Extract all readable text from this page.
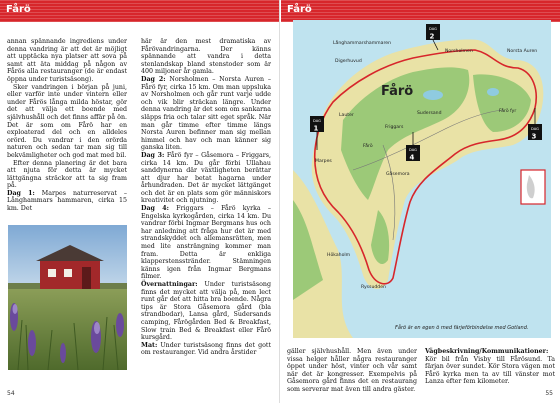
Fårö

annan spännande ingrediens under denna vandring är att det är möjligt att upptäcka nya platser att sova på samt att äta middag på någon av Fårös alla restauranger (de är endast öppna under turistsäsong).

Sker vandringen i början på juni, eller varför inte under vintern eller under Fårös långa milda höstar, gör det att välja ett boende med självhushåll och det finns affär på ön. Det är som om Fårö har en exploaterad del och en alldeles orörd. Du vandrar i den orörda naturen och sedan tar man sig till bekvämligheter och god mat med bil.

Efter denna planering är det bara att njuta för detta är mycket lättgängna sträckor att ta sig fram på.

Dag 1: Marpes naturreservat – Långhammars hammaren, cirka 15 km. Det

här är den mest dramatiska av Fårövandringarna. Der känns spännande att vandra i detta stenlandskap bland stenstoder som är 400 miljoner år gamla.

Dag 2: Norsholmen – Norsta Auren – Fårö fyr, cirka 15 km. Om man uppsluka av Norsholmen och går runt varje udde och vik blir sträckan längre. Under denna vandring är det som om sankarna släpps fria och talar sitt eget språk. När man går timme efter timme längs Norsta Auren befinner man sig mellan himmel och hav och man känner sig ganska liten.

Dag 3: Fårö fyr – Gåsemora – Friggars, cirka 14 km. Du går förbi Ullahau sanddynerna där växtligheten berättar att djur har betat hagarna under århundraden. Det är mycket lättgänget och det är en plats som gör människors kreativitet och njutning.

Dag 4: Friggars – Fårö kyrka – Engelska kyrkogården, cirka 14 km. Du vandrar förbi Ingmar Bergmans hus och har anledning att fråga hur det är med strandskyddet och allemansrätten, men med lite ansträngning kommer man fram. Detta är enkliga klapperstensstränder. Stämningen känns igen från Ingmar Bergmans filmer.

Övernattningar: Under turistsäsong finns det mycket att välja på, men lect runt går det att hitta bra boende. Några tips är Stora Gåsemora gård (bla strandbodar), Lansa gård, Sudersands camping, Fårögården Bed & Breakfast, Slow train Bed & Breakfast eller Fårö kursgård.

Mat: Under turistsäsong finns det gott om restauranger. Vid andra årstider

54
Fårö
Långhammarshammaren
Norsholmen	Norsta Auren
Digerhuvud
Fårö fyr
Lauter	Sudersand
Friggars
Marpes
Fårö
Gåsemora
Ryssudden
Hökaholm
Fårö
DAG
1
DAG
2
DAG
3
DAG
4
Fårö är en egen ö med färjeförbindelse med Gotland.
gäller självhushåll. Men även under vissa helger håller några restauranger öppet under höst, vinter och vår samt när det är kongresser. Exempelvis på Gåsemora gård finns det en restaurang som serverar mat även till andra gäster.
Vägbeskrivning/Kommunikationer: Kör bil från Visby till Fårösund. Ta färjan över sundet. Kör Stora vägen mot Fårö kyrka men ta av till vänster mot Lanza efter fem kilometer.
55
